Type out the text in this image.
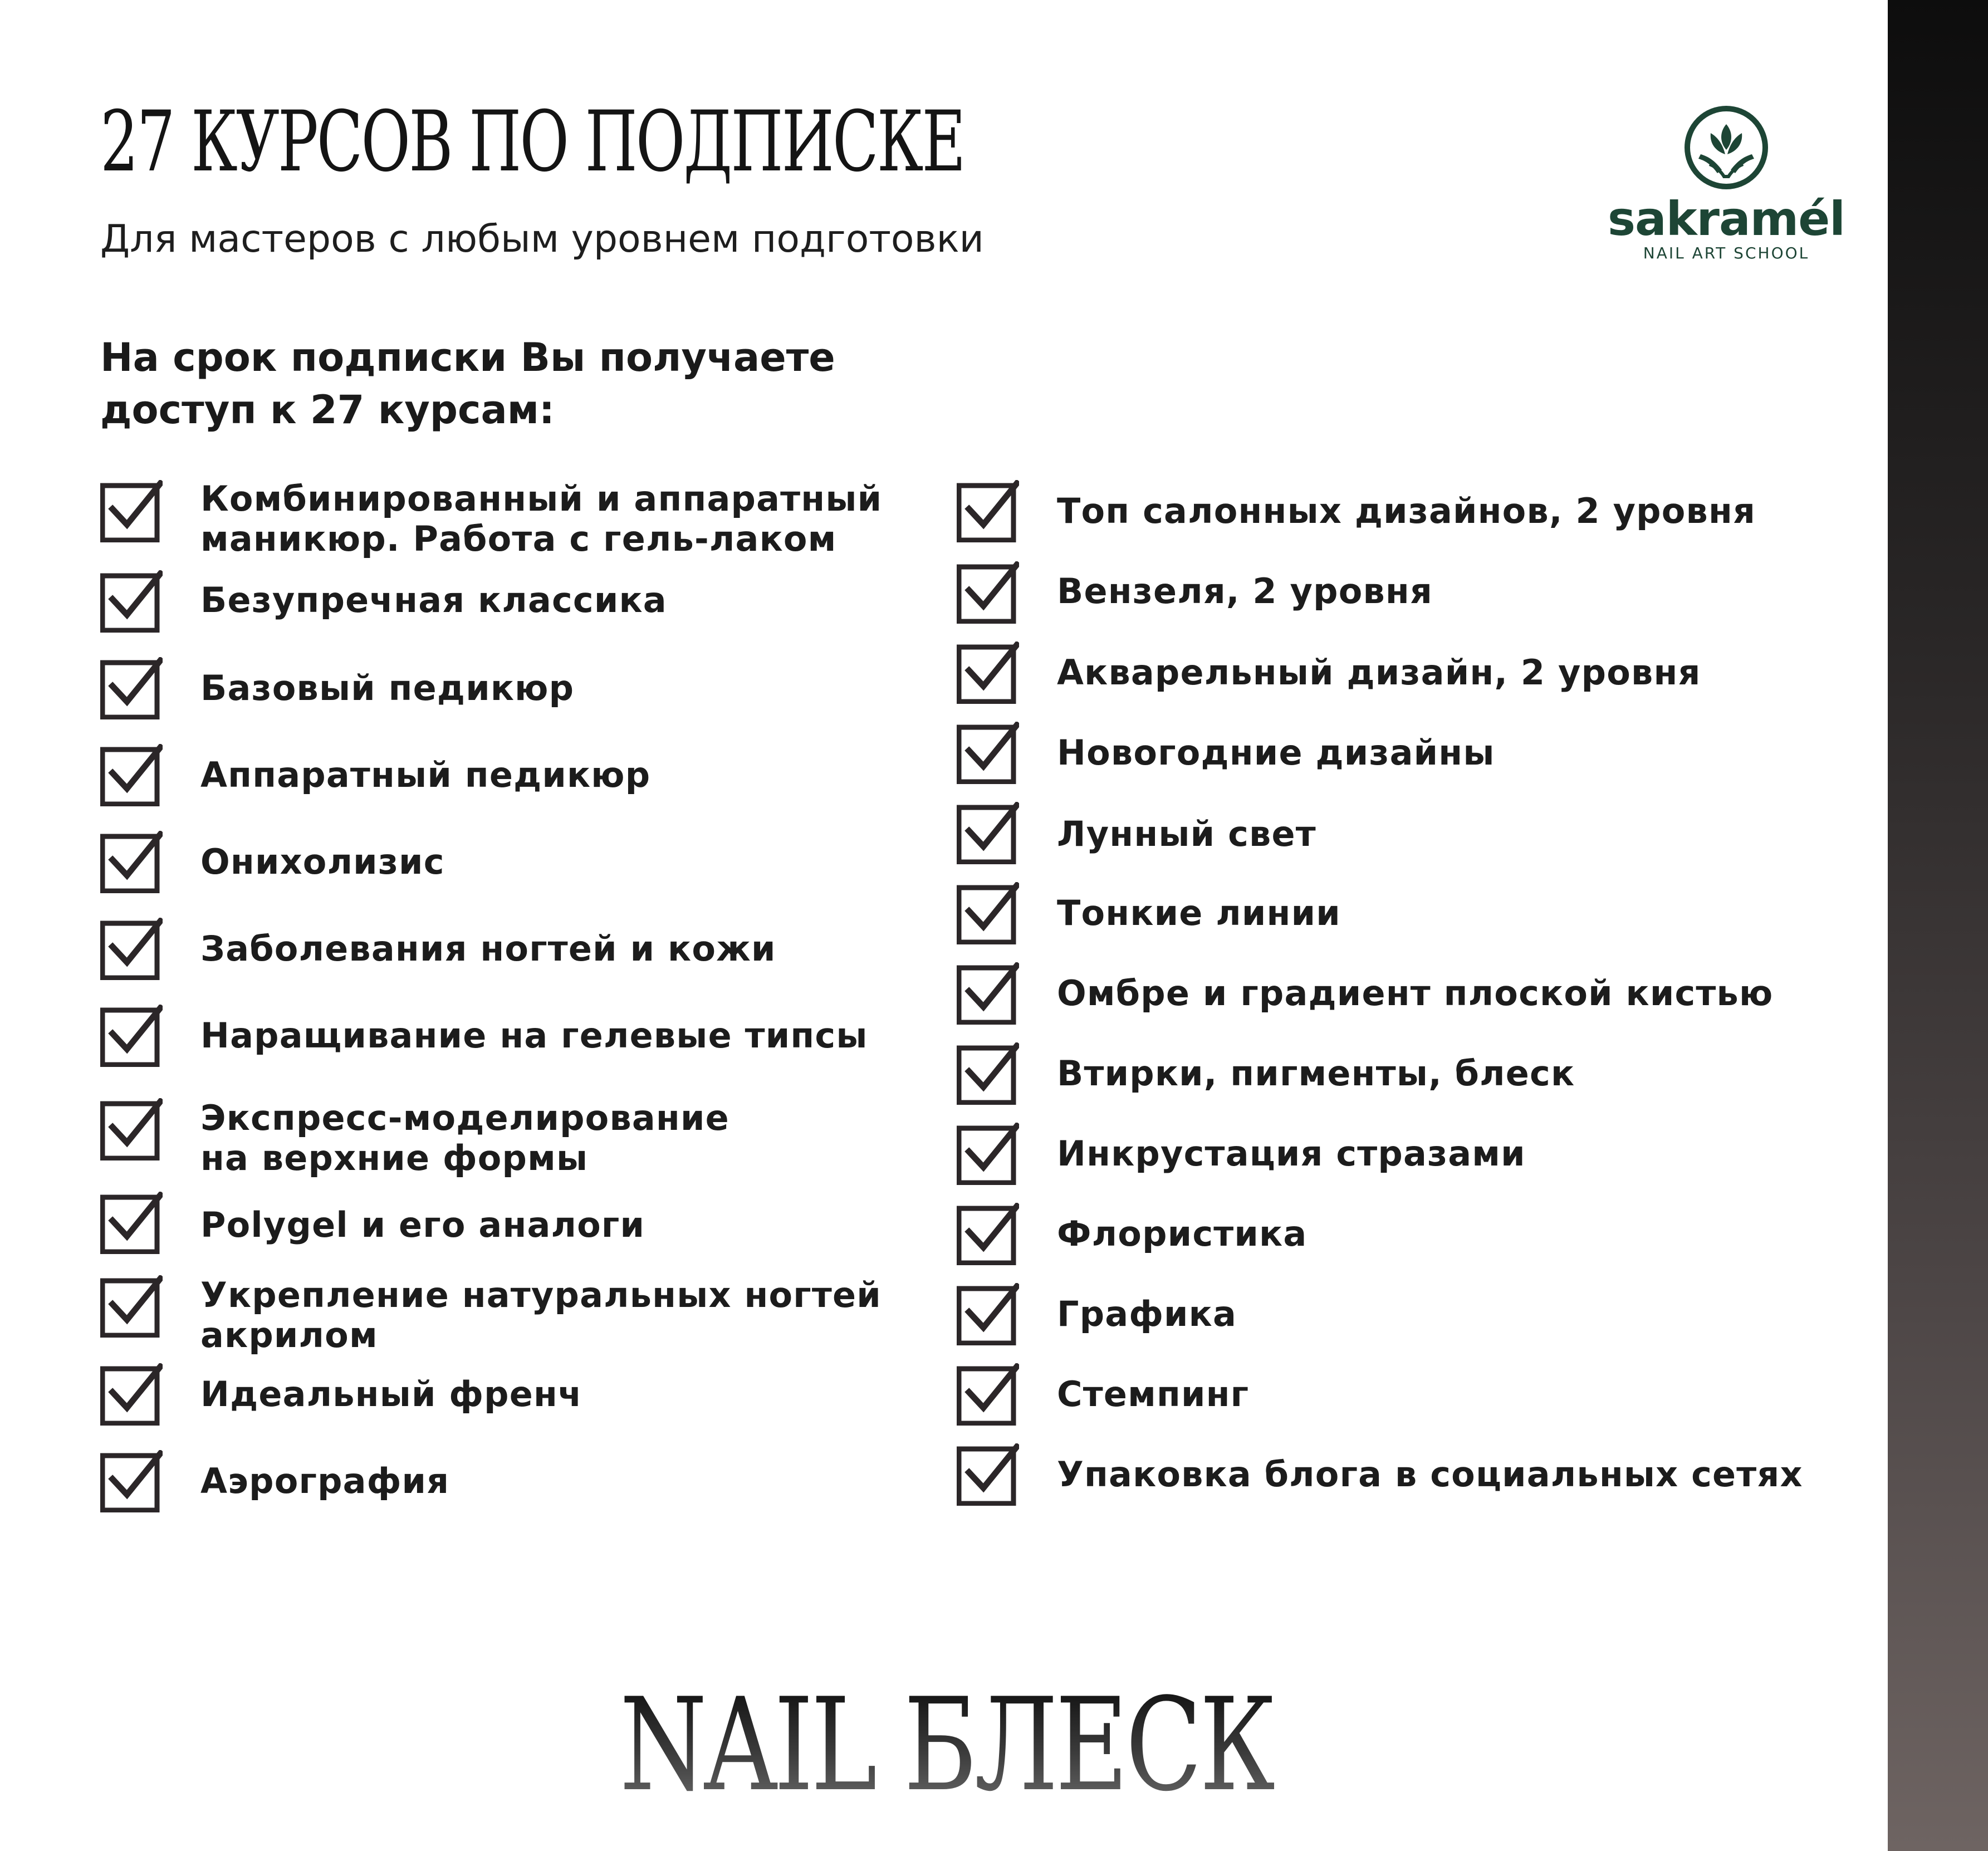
27 КУРСОВ ПО ПОДПИСКЕ
Для мастеров с любым уровнем подготовки	sakramél
NAIL ART SCHOOL
На срок подписки Вы получаете
доступ к 27 курсам:
Комбинированный и аппаратный
маникюр. Работа с гель-лаком
Безупречная классика
Базовый педикюр
Аппаратный педикюр
Онихолизис
Заболевания ногтей и кожи
Наращивание на гелевые типсы
Экспресс-моделирование
на верхние формы
Polygel и его аналоги
Укрепление натуральных ногтей
акрилом
Идеальный френч
Аэрография
Топ салонных дизайнов, 2 уровня
Вензеля, 2 уровня
Акварельный дизайн, 2 уровня
Новогодние дизайны
Лунный свет
Тонкие линии
Омбре и градиент плоской кистью
Втирки, пигменты, блеск
Инкрустация стразами
Флористика
Графика
Стемпинг
Упаковка блога в социальных сетях
NAIL БЛЕСК
